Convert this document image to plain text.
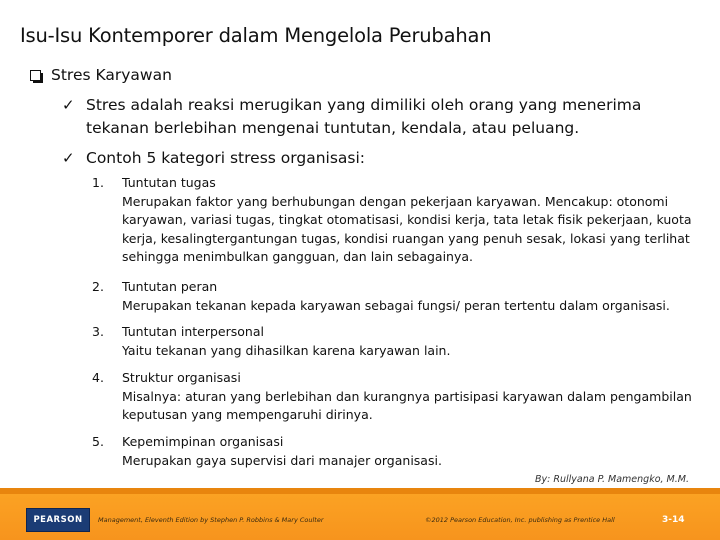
Isu-Isu Kontemporer dalam Mengelola Perubahan
Stres Karyawan
✓ Stres adalah reaksi merugikan yang dimiliki oleh orang yang menerima tekanan berlebihan mengenai tuntutan, kendala, atau peluang.
✓ Contoh 5 kategori stress organisasi:
1.	Tuntutan tugas
Merupakan faktor yang berhubungan dengan pekerjaan karyawan. Mencakup: otonomi karyawan, variasi tugas, tingkat otomatisasi, kondisi kerja, tata letak fisik pekerjaan, kuota kerja, kesalingtergantungan tugas, kondisi ruangan yang penuh sesak, lokasi yang terlihat sehingga menimbulkan gangguan, dan lain sebagainya.
2.	Tuntutan peran
Merupakan tekanan kepada karyawan sebagai fungsi/ peran tertentu dalam organisasi.
3.	Tuntutan interpersonal
Yaitu tekanan yang dihasilkan karena karyawan lain.
4.	Struktur organisasi
Misalnya: aturan yang berlebihan dan kurangnya partisipasi karyawan dalam pengambilan keputusan yang mempengaruhi dirinya.
5.	Kepemimpinan organisasi
Merupakan gaya supervisi dari manajer organisasi.
By: Rullyana P. Mamengko, M.M.
PEARSON	Management, Eleventh Edition by Stephen P. Robbins & Mary Coulter	©2012 Pearson Education, Inc. publishing as Prentice Hall	3-14
